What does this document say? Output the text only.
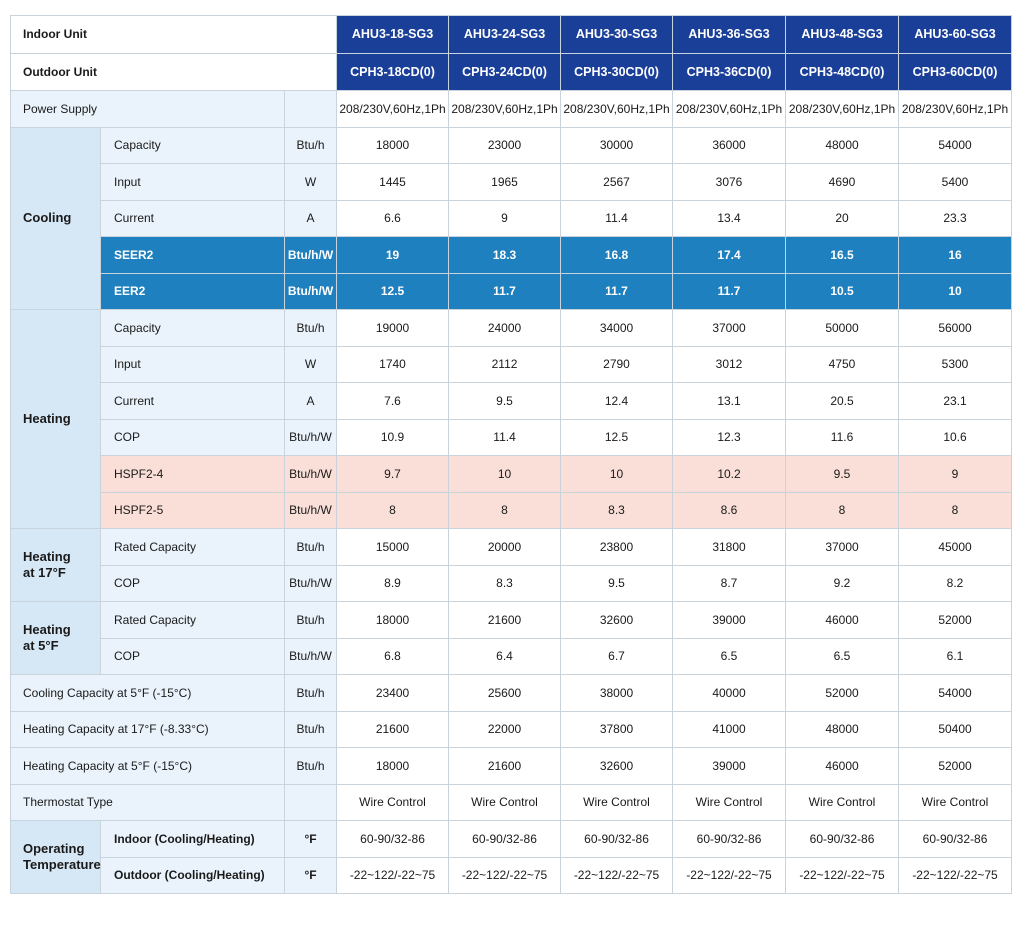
Indoor Unit			AHU3-18-SG3	AHU3-24-SG3	AHU3-30-SG3	AHU3-36-SG3	AHU3-48-SG3	AHU3-60-SG3
Outdoor Unit			CPH3-18CD(0)	CPH3-24CD(0)	CPH3-30CD(0)	CPH3-36CD(0)	CPH3-48CD(0)	CPH3-60CD(0)
Power Supply			208/230V,60Hz,1Ph	208/230V,60Hz,1Ph	208/230V,60Hz,1Ph	208/230V,60Hz,1Ph	208/230V,60Hz,1Ph	208/230V,60Hz,1Ph
Cooling	Capacity	Btu/h	18000	23000	30000	36000	48000	54000
	Input	W	1445	1965	2567	3076	4690	5400
	Current	A	6.6	9	11.4	13.4	20	23.3
	SEER2	Btu/h/W	19	18.3	16.8	17.4	16.5	16
	EER2	Btu/h/W	12.5	11.7	11.7	11.7	10.5	10
Heating	Capacity	Btu/h	19000	24000	34000	37000	50000	56000
	Input	W	1740	2112	2790	3012	4750	5300
	Current	A	7.6	9.5	12.4	13.1	20.5	23.1
	COP	Btu/h/W	10.9	11.4	12.5	12.3	11.6	10.6
	HSPF2-4	Btu/h/W	9.7	10	10	10.2	9.5	9
	HSPF2-5	Btu/h/W	8	8	8.3	8.6	8	8
Heating
at 17°F	Rated Capacity	Btu/h	15000	20000	23800	31800	37000	45000
	COP	Btu/h/W	8.9	8.3	9.5	8.7	9.2	8.2
Heating
at 5°F	Rated Capacity	Btu/h	18000	21600	32600	39000	46000	52000
	COP	Btu/h/W	6.8	6.4	6.7	6.5	6.5	6.1
Cooling Capacity at 5°F (-15°C)		Btu/h	23400	25600	38000	40000	52000	54000
Heating Capacity at 17°F (-8.33°C)		Btu/h	21600	22000	37800	41000	48000	50400
Heating Capacity at 5°F (-15°C)		Btu/h	18000	21600	32600	39000	46000	52000
Thermostat Type			Wire Control	Wire Control	Wire Control	Wire Control	Wire Control	Wire Control
Operating
Temperature	Indoor (Cooling/Heating)	°F	60-90/32-86	60-90/32-86	60-90/32-86	60-90/32-86	60-90/32-86	60-90/32-86
	Outdoor (Cooling/Heating)	°F	-22~122/-22~75	-22~122/-22~75	-22~122/-22~75	-22~122/-22~75	-22~122/-22~75	-22~122/-22~75
